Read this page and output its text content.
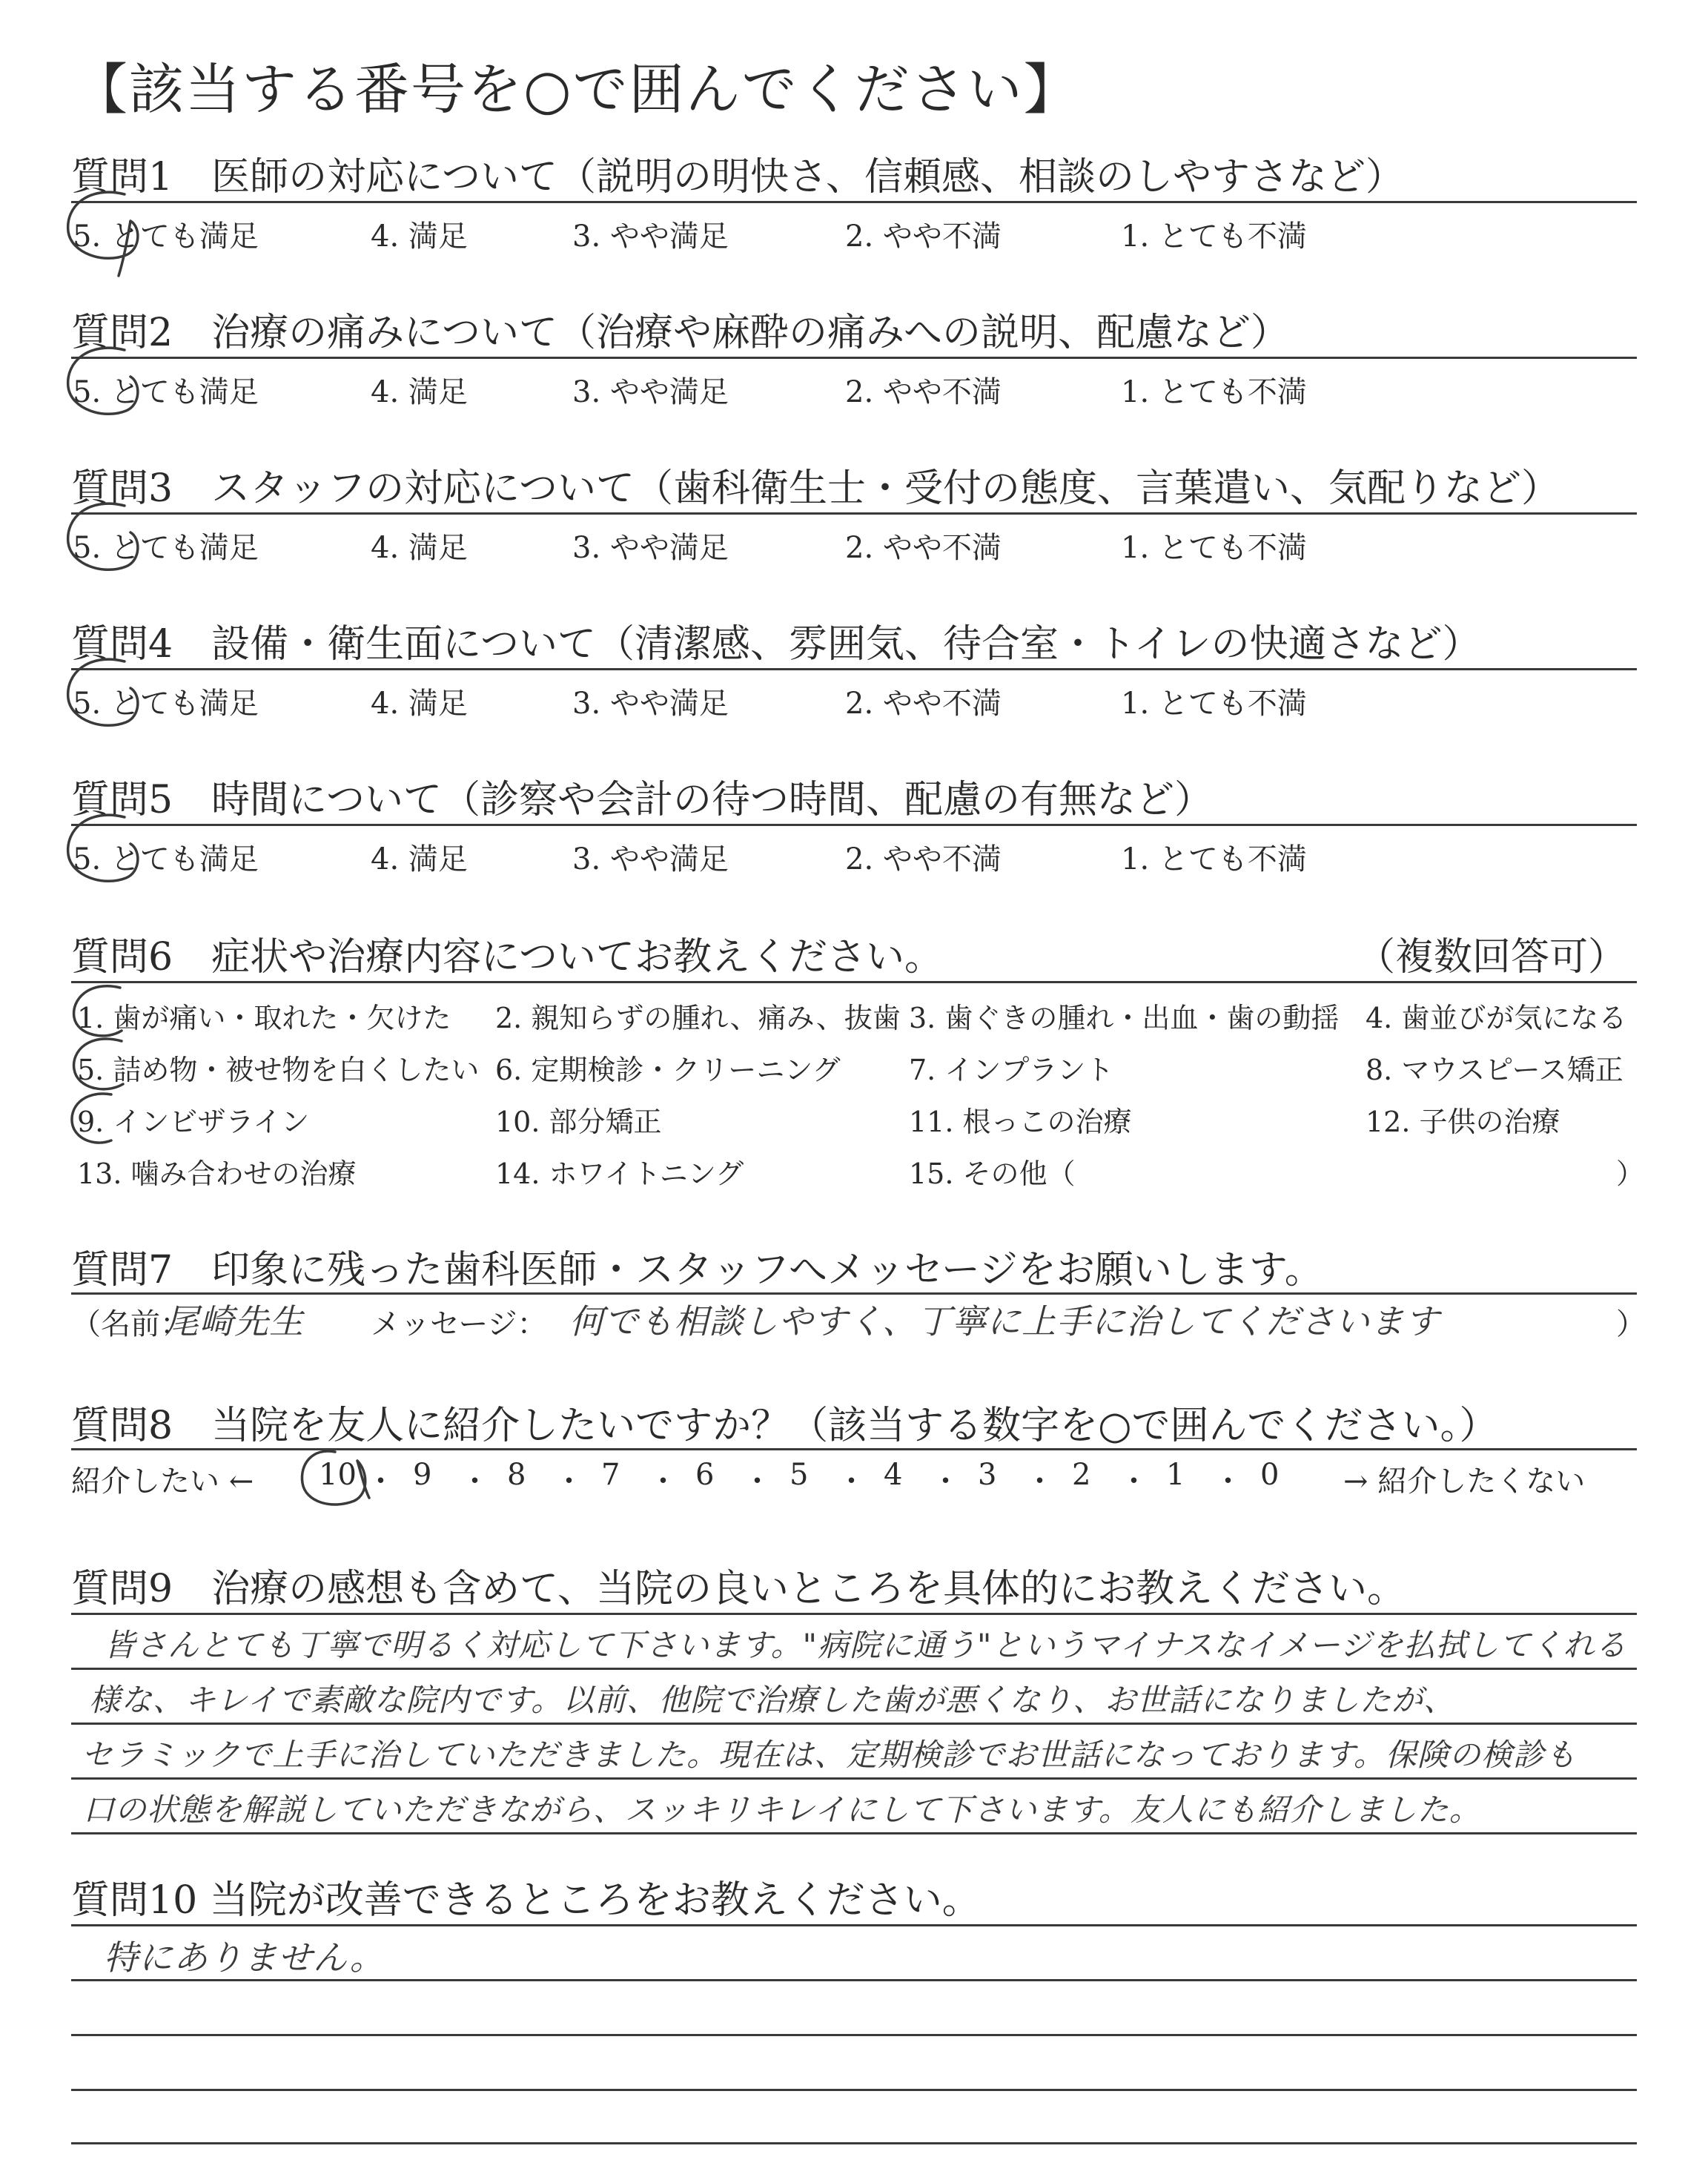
【該当する番号を○で囲んでください】
質問1　医師の対応について（説明の明快さ、信頼感、相談のしやすさなど）
5. とても満足	4. 満足	3. やや満足	2. やや不満	1. とても不満
質問2　治療の痛みについて（治療や麻酔の痛みへの説明、配慮など）
5. とても満足	4. 満足	3. やや満足	2. やや不満	1. とても不満
質問3　スタッフの対応について（歯科衛生士・受付の態度、言葉遣い、気配りなど）
5. とても満足	4. 満足	3. やや満足	2. やや不満	1. とても不満
質問4　設備・衛生面について（清潔感、雰囲気、待合室・トイレの快適さなど）
5. とても満足	4. 満足	3. やや満足	2. やや不満	1. とても不満
質問5　時間について（診察や会計の待つ時間、配慮の有無など）
5. とても満足	4. 満足	3. やや満足	2. やや不満	1. とても不満
質問6　症状や治療内容についてお教えください。	（複数回答可）
1. 歯が痛い・取れた・欠けた 2. 親知らずの腫れ、痛み、抜歯 3. 歯ぐきの腫れ・出血・歯の動揺 4. 歯並びが気になる
5. 詰め物・被せ物を白くしたい 6. 定期検診・クリーニング 7. インプラント	8. マウスピース矯正
9. インビザライン	10. 部分矯正	11. 根っこの治療	12. 子供の治療
13. 噛み合わせの治療	14. ホワイトニング	15. その他（	）
質問7　印象に残った歯科医師・スタッフへメッセージをお願いします。
（名前：
尾崎先生 メッセージ： 何でも相談しやすく、丁寧に上手に治してくださいます	）
質問8　当院を友人に紹介したいですか？（該当する数字を○で囲んでください。）
紹介したい ←	→ 紹介したくない
10 ・ 9 ・ 8 ・ 7 ・ 6 ・ 5 ・ 4 ・ 3 ・ 2 ・ 1 ・ 0
質問9　治療の感想も含めて、当院の良いところを具体的にお教えください。
皆さんとても丁寧で明るく対応して下さいます。"病院に通う"というマイナスなイメージを払拭してくれる
様な、キレイで素敵な院内です。以前、他院で治療した歯が悪くなり、お世話になりましたが、
セラミックで上手に治していただきました。現在は、定期検診でお世話になっております。保険の検診も
口の状態を解説していただきながら、スッキリキレイにして下さいます。友人にも紹介しました。
質問10 当院が改善できるところをお教えください。
特にありません。
